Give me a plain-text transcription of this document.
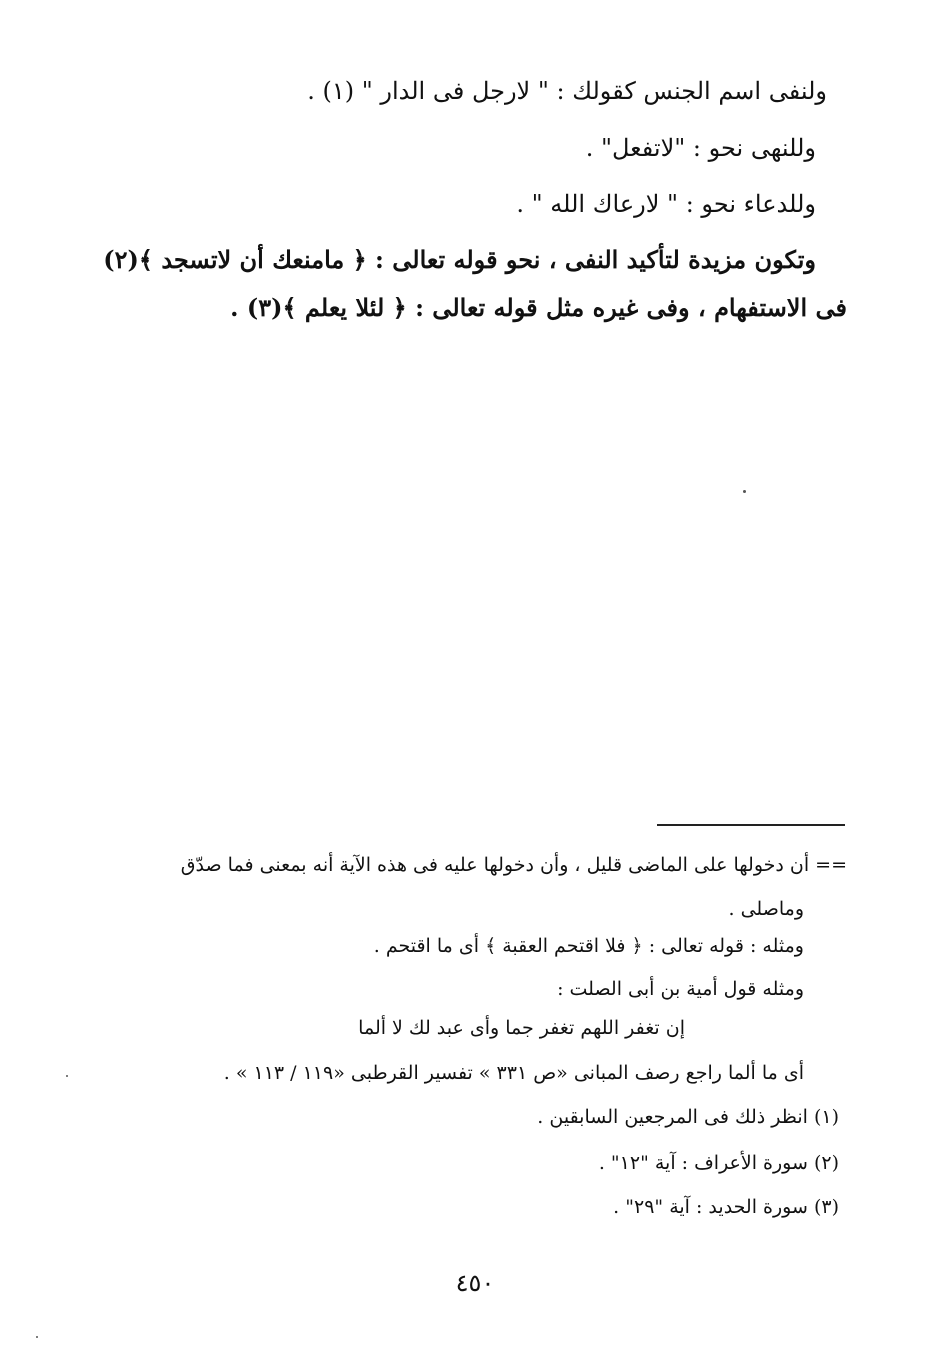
ولنفى اسم الجنس كقولك : " لارجل فى الدار " (١) .
وللنهى نحو : "لاتفعل" .
وللدعاء نحو : " لارعاك الله " .
وتكون مزيدة لتأكيد النفى ، نحو قوله تعالى : ﴿ مامنعك أن لاتسجد ﴾(٢)
فى الاستفهام ، وفى غيره مثل قوله تعالى : ﴿ لئلا يعلم ﴾(٣) .
== أن دخولها على الماضى قليل ، وأن دخولها عليه فى هذه الآية أنه بمعنى فما صدّق
وماصلى .
ومثله : قوله تعالى : ﴿ فلا اقتحم العقبة ﴾ أى ما اقتحم .
ومثله قول أمية بن أبى الصلت :
إن تغفر اللهم تغفر جما وأى عبد لك لا ألما
أى ما ألما راجع رصف المبانى «ص ٣٣١ » تفسير القرطبى «١١٩ / ١١٣ » .
(١) انظر ذلك فى المرجعين السابقين .
(٢) سورة الأعراف : آية "١٢" .
(٣) سورة الحديد : آية "٢٩" .
٤٥٠
